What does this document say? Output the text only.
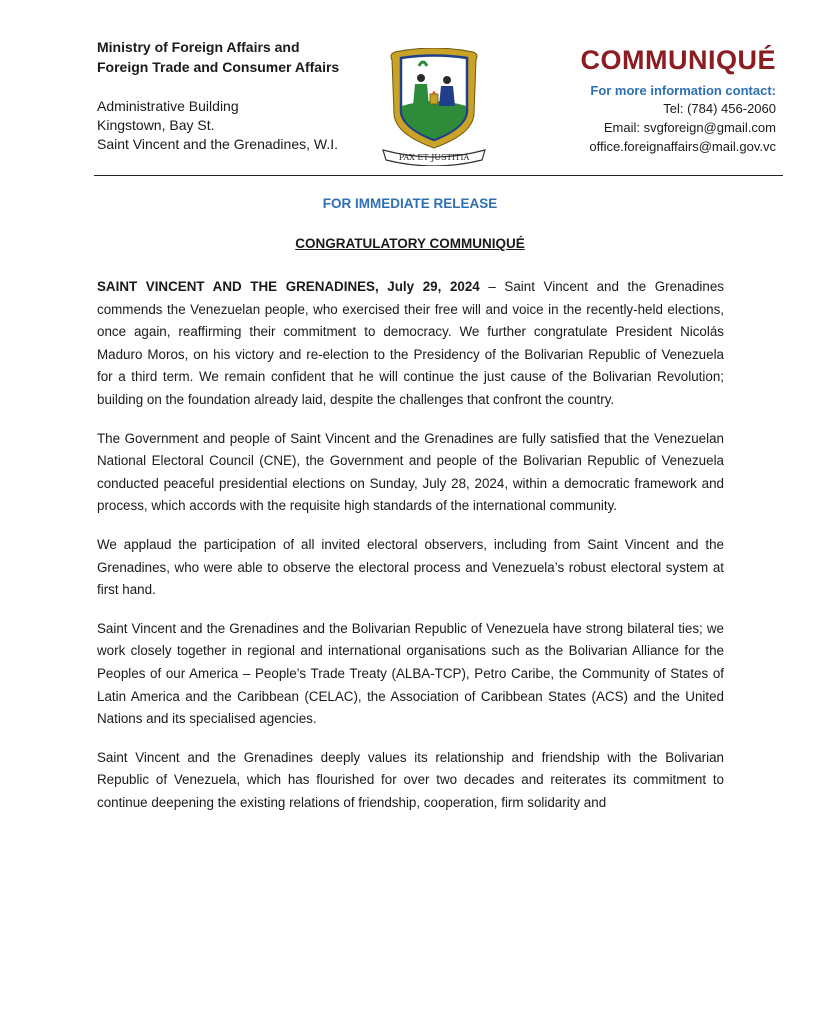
Ministry of Foreign Affairs and
Foreign Trade and Consumer Affairs
Administrative Building
Kingstown, Bay St.
Saint Vincent and the Grenadines, W.I.
PAX ET JUSTITIA
COMMUNIQUÉ
For more information contact:
Tel: (784) 456-2060
Email: svgforeign@gmail.com
office.foreignaffairs@mail.gov.vc
FOR IMMEDIATE RELEASE
CONGRATULATORY COMMUNIQUÉ

SAINT VINCENT AND THE GRENADINES, July 29, 2024 – Saint Vincent and the Grenadines commends the Venezuelan people, who exercised their free will and voice in the recently-held elections, once again, reaffirming their commitment to democracy. We further congratulate President Nicolás Maduro Moros, on his victory and re-election to the Presidency of the Bolivarian Republic of Venezuela for a third term. We remain confident that he will continue the just cause of the Bolivarian Revolution; building on the foundation already laid, despite the challenges that confront the country.

The Government and people of Saint Vincent and the Grenadines are fully satisfied that the Venezuelan National Electoral Council (CNE), the Government and people of the Bolivarian Republic of Venezuela conducted peaceful presidential elections on Sunday, July 28, 2024, within a democratic framework and process, which accords with the requisite high standards of the international community.

We applaud the participation of all invited electoral observers, including from Saint Vincent and the Grenadines, who were able to observe the electoral process and Venezuela’s robust electoral system at first hand.

Saint Vincent and the Grenadines and the Bolivarian Republic of Venezuela have strong bilateral ties; we work closely together in regional and international organisations such as the Bolivarian Alliance for the Peoples of our America – People’s Trade Treaty (ALBA-TCP), Petro Caribe, the Community of States of Latin America and the Caribbean (CELAC), the Association of Caribbean States (ACS) and the United Nations and its specialised agencies.

Saint Vincent and the Grenadines deeply values its relationship and friendship with the Bolivarian Republic of Venezuela, which has flourished for over two decades and reiterates its commitment to continue deepening the existing relations of friendship, cooperation, firm solidarity and
